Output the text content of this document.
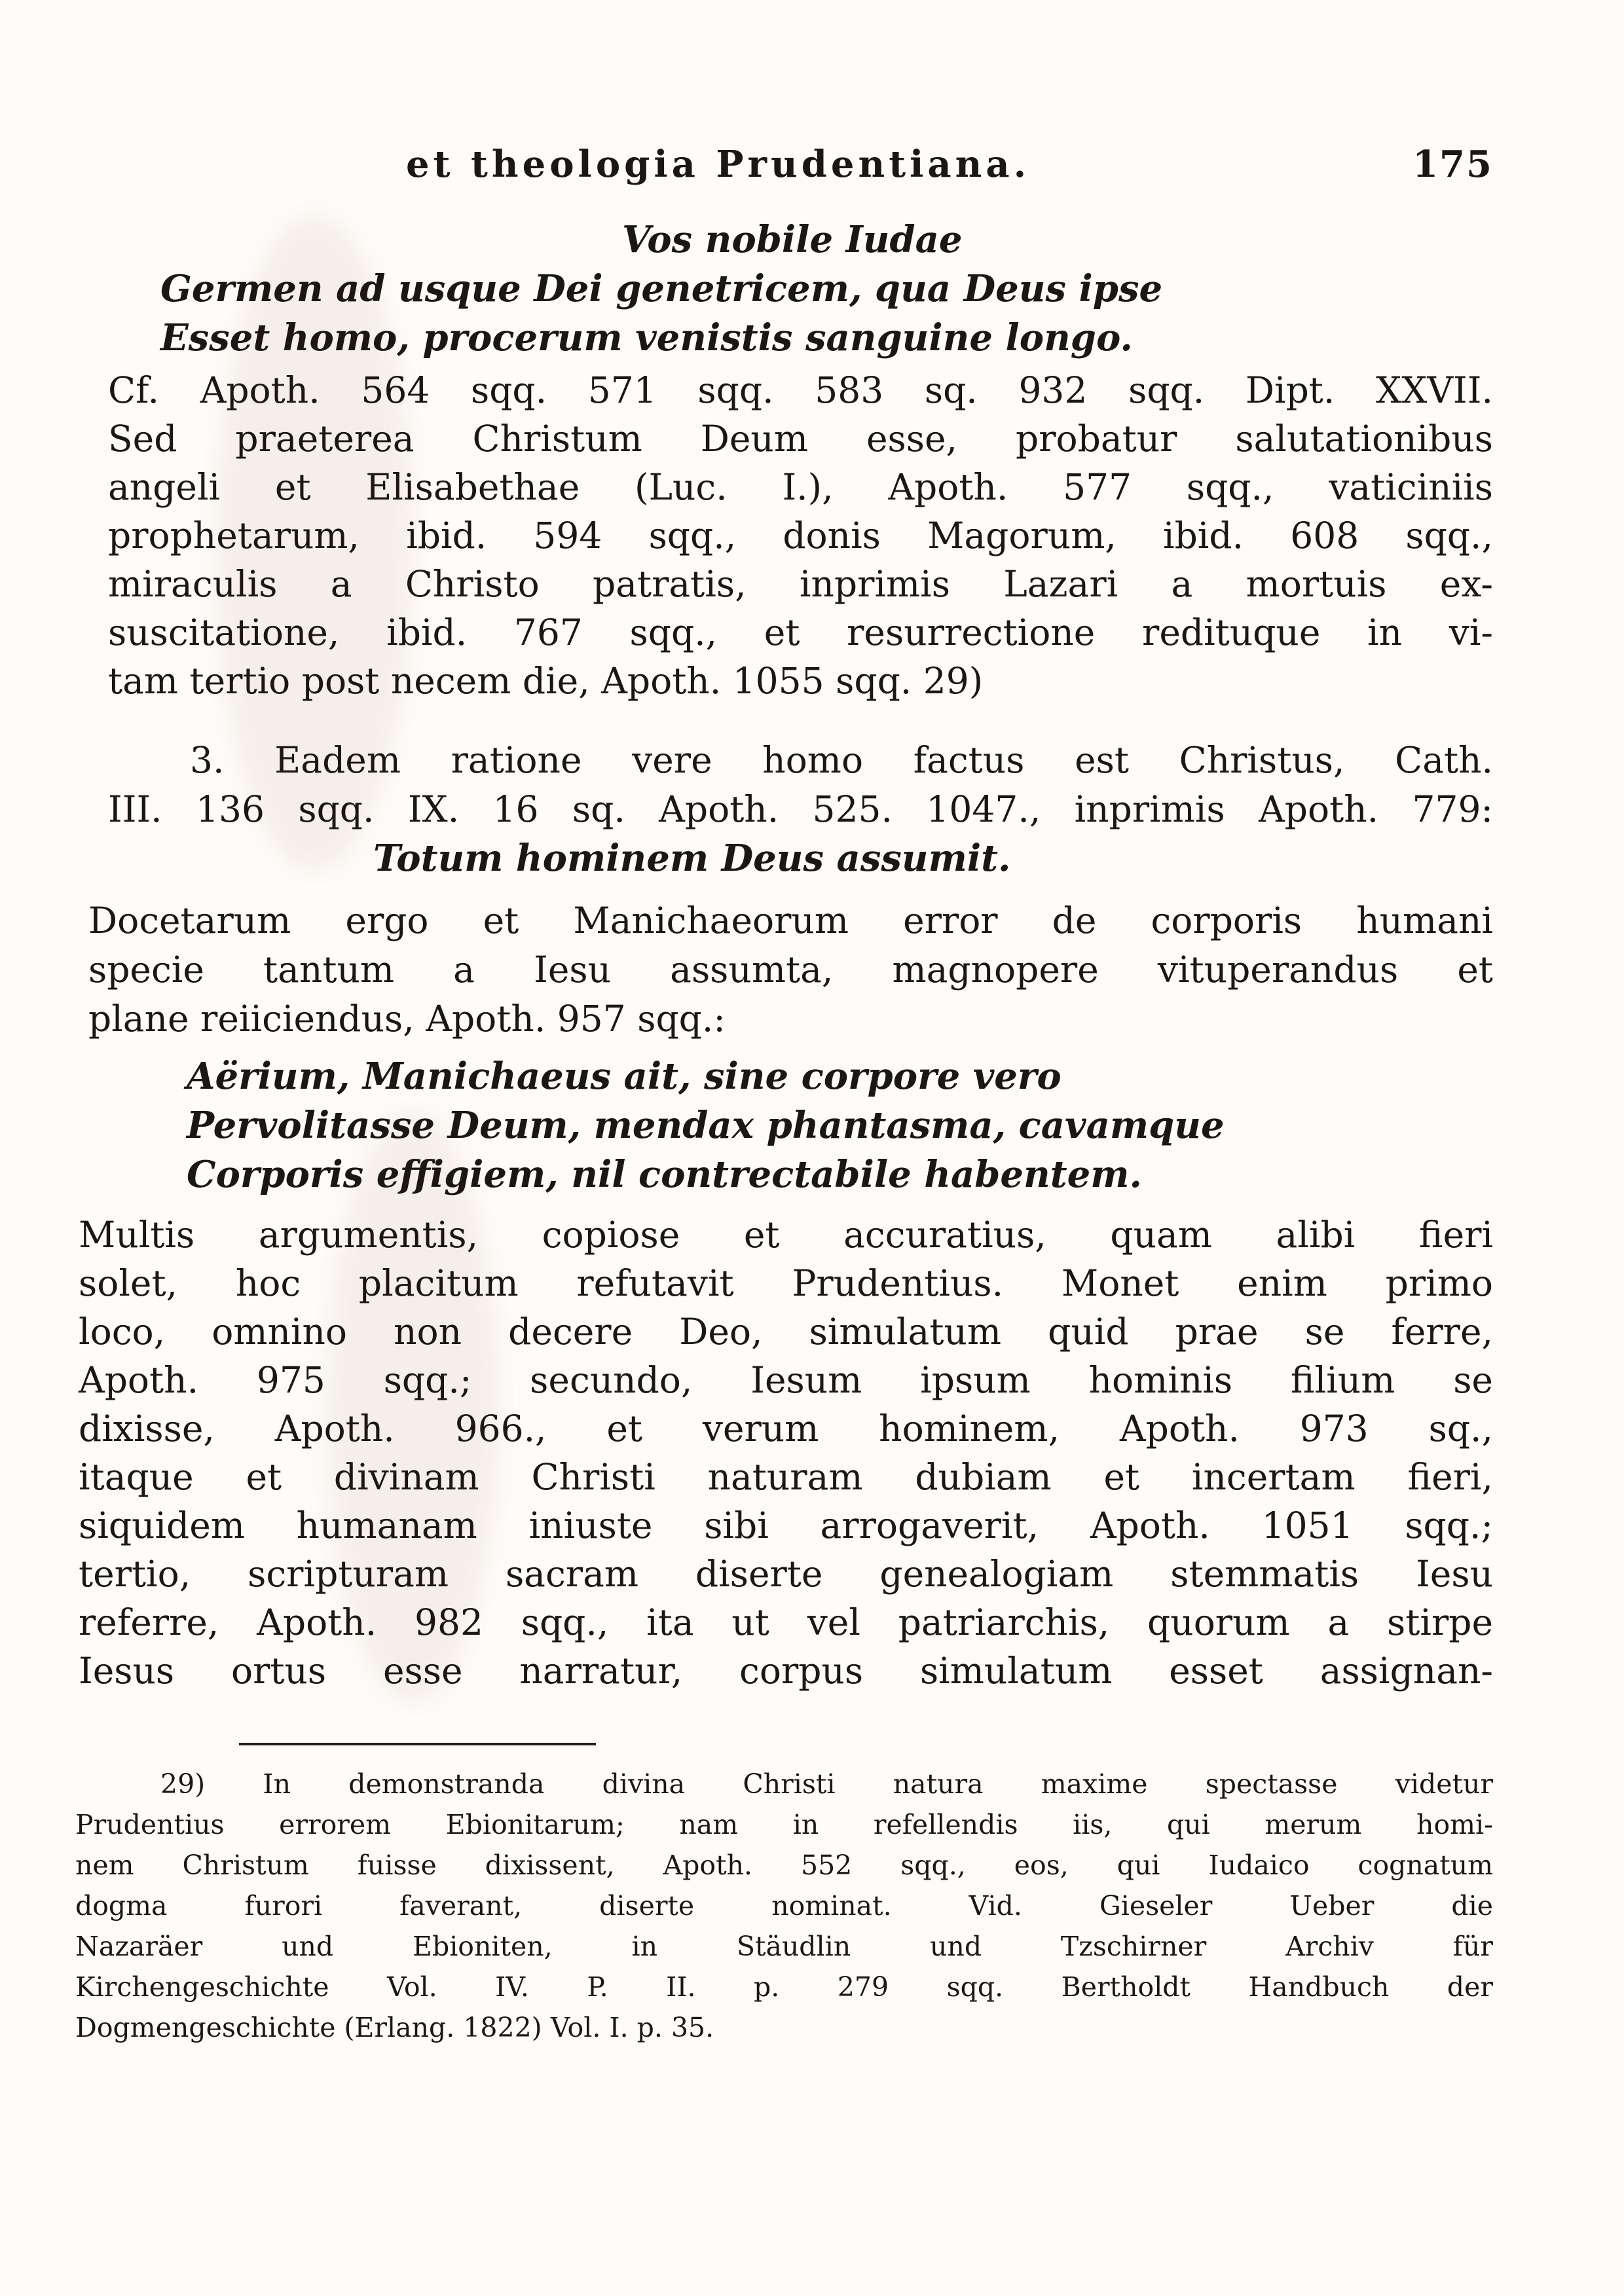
et theologia Prudentiana.	175
Vos nobile Iudae
Germen ad usque Dei genetricem, qua Deus ipse
Esset homo, procerum venistis sanguine longo.
Cf. Apoth. 564 sqq. 571 sqq. 583 sq. 932 sqq. Dipt. XXVII.
Sed praeterea Christum Deum esse, probatur salutationibus
angeli et Elisabethae (Luc. I.), Apoth. 577 sqq., vaticiniis
prophetarum, ibid. 594 sqq., donis Magorum, ibid. 608 sqq.,
miraculis a Christo patratis, inprimis Lazari a mortuis ex-
suscitatione, ibid. 767 sqq., et resurrectione redituque in vi-
tam tertio post necem die, Apoth. 1055 sqq. 29)
3. Eadem ratione vere homo factus est Christus, Cath.
III. 136 sqq. IX. 16 sq. Apoth. 525. 1047., inprimis Apoth. 779:
Totum hominem Deus assumit.
Docetarum ergo et Manichaeorum error de corporis humani
specie tantum a Iesu assumta, magnopere vituperandus et
plane reiiciendus, Apoth. 957 sqq.:
Aërium, Manichaeus ait, sine corpore vero
Pervolitasse Deum, mendax phantasma, cavamque
Corporis effigiem, nil contrectabile habentem.
Multis argumentis, copiose et accuratius, quam alibi fieri
solet, hoc placitum refutavit Prudentius. Monet enim primo
loco, omnino non decere Deo, simulatum quid prae se ferre,
Apoth. 975 sqq.; secundo, Iesum ipsum hominis filium se
dixisse, Apoth. 966., et verum hominem, Apoth. 973 sq.,
itaque et divinam Christi naturam dubiam et incertam fieri,
siquidem humanam iniuste sibi arrogaverit, Apoth. 1051 sqq.;
tertio, scripturam sacram diserte genealogiam stemmatis Iesu
referre, Apoth. 982 sqq., ita ut vel patriarchis, quorum a stirpe
Iesus ortus esse narratur, corpus simulatum esset assignan-
29) In demonstranda divina Christi natura maxime spectasse videtur
Prudentius errorem Ebionitarum; nam in refellendis iis, qui merum homi-
nem Christum fuisse dixissent, Apoth. 552 sqq., eos, qui Iudaico cognatum
dogma furori faverant, diserte nominat. Vid. Gieseler Ueber die
Nazaräer und Ebioniten, in Stäudlin und Tzschirner Archiv für
Kirchengeschichte Vol. IV. P. II. p. 279 sqq. Bertholdt Handbuch der
Dogmengeschichte (Erlang. 1822) Vol. I. p. 35.
